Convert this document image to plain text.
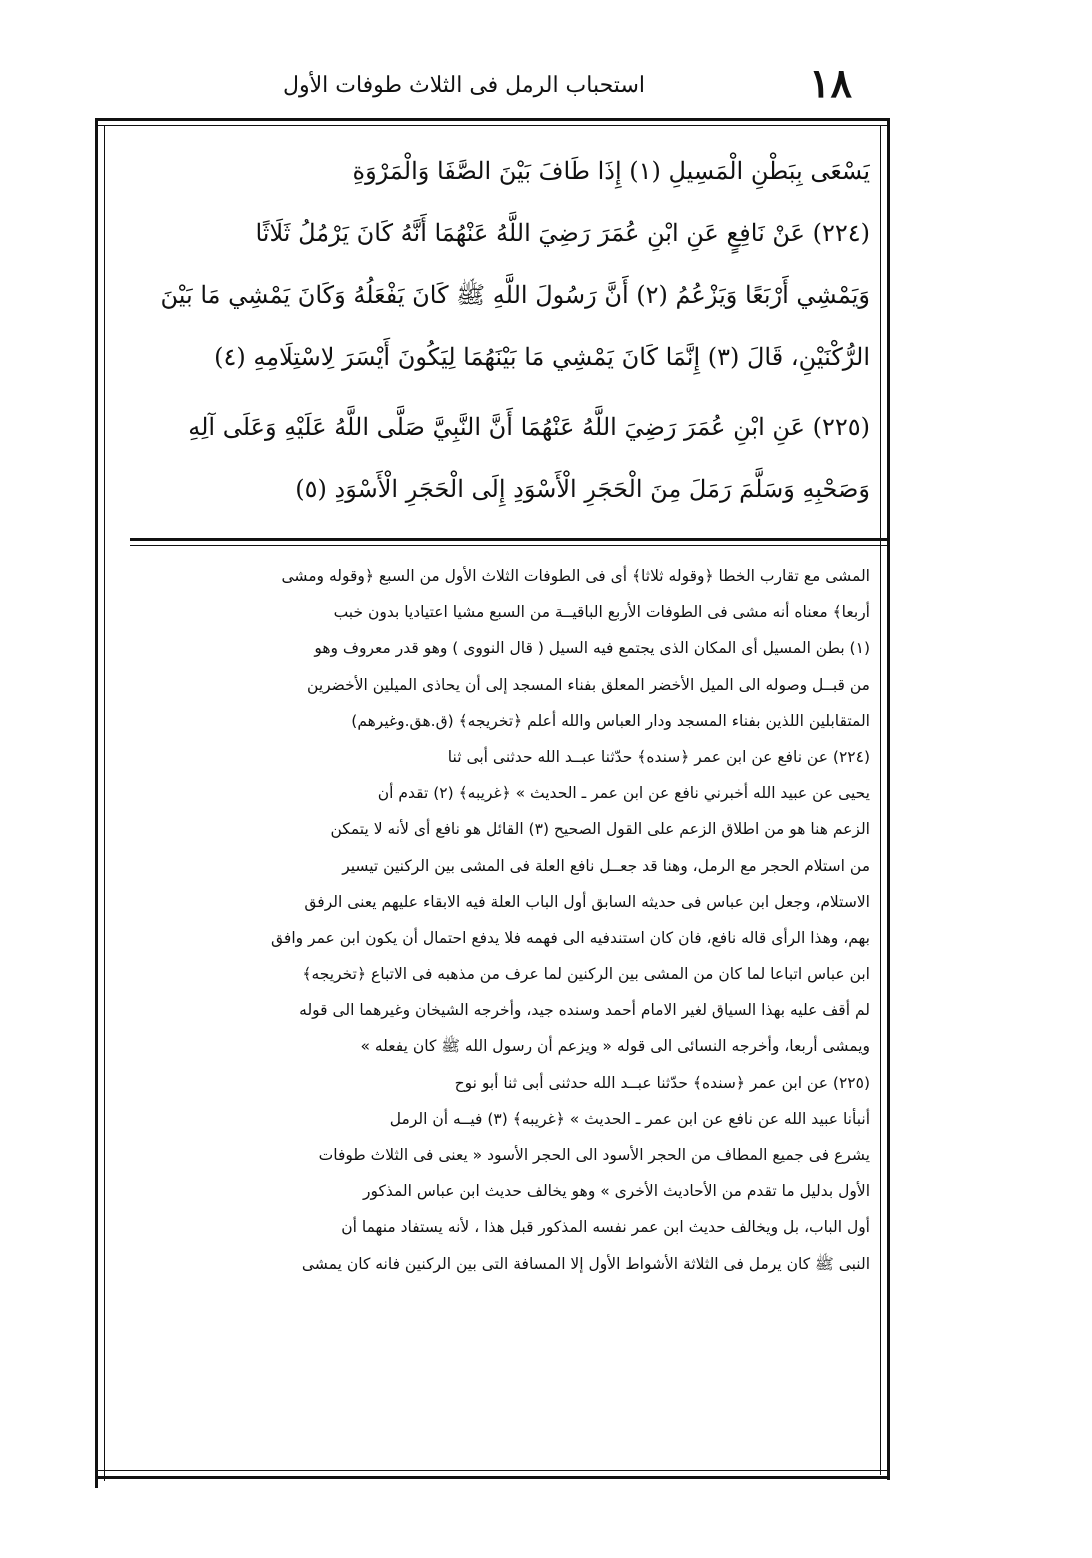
١٨
استحباب الرمل فى الثلاث طوفات الأول
يَسْعَى بِبَطْنِ الْمَسِيلِ (١) إِذَا طَافَ بَيْنَ الصَّفَا وَالْمَرْوَةِ
(٢٢٤) عَنْ نَافِعٍ عَنِ ابْنِ عُمَرَ رَضِيَ اللَّهُ عَنْهُمَا أَنَّهُ كَانَ يَرْمُلُ ثَلَاثًا
وَيَمْشِي أَرْبَعًا وَيَزْعُمُ (٢) أَنَّ رَسُولَ اللَّهِ ﷺ كَانَ يَفْعَلُهُ وَكَانَ يَمْشِي مَا بَيْنَ
الرُّكْنَيْنِ، قَالَ (٣) إِنَّمَا كَانَ يَمْشِي مَا بَيْنَهُمَا لِيَكُونَ أَيْسَرَ لِاسْتِلَامِهِ (٤)
(٢٢٥) عَنِ ابْنِ عُمَرَ رَضِيَ اللَّهُ عَنْهُمَا أَنَّ النَّبِيَّ صَلَّى اللَّهُ عَلَيْهِ وَعَلَى آلِهِ
وَصَحْبِهِ وَسَلَّمَ رَمَلَ مِنَ الْحَجَرِ الْأَسْوَدِ إِلَى الْحَجَرِ الْأَسْوَدِ (٥)
المشى مع تقارب الخطا ﴿وقوله ثلاثا﴾ أى فى الطوفات الثلاث الأول من السبع ﴿وقوله ومشى
أربعا﴾ معناه أنه مشى فى الطوفات الأربع الباقيــة من السبع مشيا اعتياديا بدون خبب
(١) بطن المسيل أى المكان الذى يجتمع فيه السيل ( قال النووى ) وهو قدر معروف وهو
من قبــل وصوله الى الميل الأخضر المعلق بفناء المسجد إلى أن يحاذى الميلين الأخضرين
المتقابلين اللذين بفناء المسجد ودار العباس والله أعلم ﴿تخريجه﴾ (ق.هق.وغيرهم)
(٢٢٤) عن نافع عن ابن عمر ﴿سنده﴾ حدّثنا عبــد الله حدثنى أبى ثنا
يحيى عن عبيد الله أخبرني نافع عن ابن عمر ـ الحديث » ﴿غريبه﴾ (٢) تقدم أن
الزعم هنا هو من اطلاق الزعم على القول الصحيح (٣) القائل هو نافع أى لأنه لا يتمكن
من استلام الحجر مع الرمل، وهنا قد جعــل نافع العلة فى المشى بين الركنين تيسير
الاستلام، وجعل ابن عباس فى حديثه السابق أول الباب العلة فيه الابقاء عليهم يعنى الرفق
بهم، وهذا الرأى قاله نافع، فان كان استندفيه الى فهمه فلا يدفع احتمال أن يكون ابن عمر وافق
ابن عباس اتباعا لما كان من المشى بين الركنين لما عرف من مذهبه فى الاتباع ﴿تخريجه﴾
لم أقف عليه بهذا السياق لغير الامام أحمد وسنده جيد، وأخرجه الشيخان وغيرهما الى قوله
ويمشى أربعا، وأخرجه النسائى الى قوله « ويزعم أن رسول الله ﷺ كان يفعله »
(٢٢٥) عن ابن عمر ﴿سنده﴾ حدّثنا عبــد الله حدثنى أبى ثنا أبو نوح
أنبأنا عبيد الله عن نافع عن ابن عمر ـ الحديث » ﴿غريبه﴾ (٣) فيــه أن الرمل
يشرع فى جميع المطاف من الحجر الأسود الى الحجر الأسود « يعنى فى الثلاث طوفات
الأول بدليل ما تقدم من الأحاديث الأخرى » وهو يخالف حديث ابن عباس المذكور
أول الباب، بل ويخالف حديث ابن عمر نفسه المذكور قبل هذا ، لأنه يستفاد منهما أن
النبى ﷺ كان يرمل فى الثلاثة الأشواط الأول إلا المسافة التى بين الركنين فانه كان يمشى
